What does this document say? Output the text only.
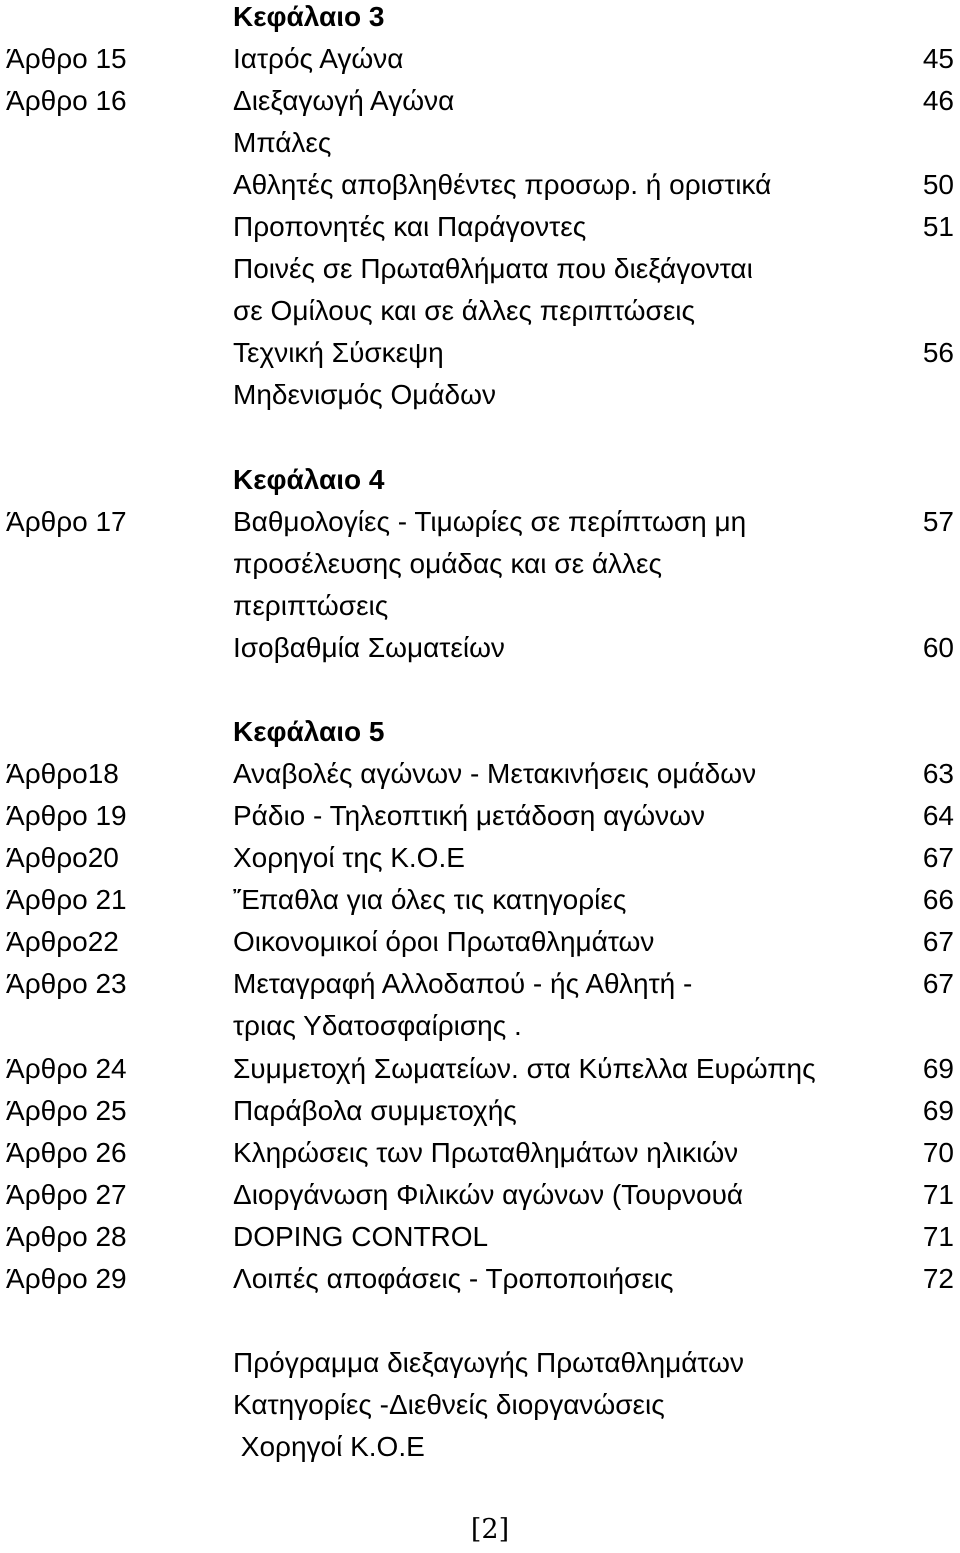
Κεφάλαιο 3
Άρθρο 15	Ιατρός Αγώνα	45
Άρθρο 16	Διεξαγωγή Αγώνα	46
Μπάλες
Αθλητές αποβληθέντες προσωρ. ή οριστικά	50
Προπονητές και Παράγοντες	51
Ποινές σε Πρωταθλήματα που διεξάγονται
σε Ομίλους και σε άλλες περιπτώσεις
Τεχνική Σύσκεψη	56
Μηδενισμός Ομάδων
Κεφάλαιο 4
Άρθρο 17	Βαθμολογίες - Τιμωρίες σε περίπτωση μη	57
προσέλευσης ομάδας και σε άλλες
περιπτώσεις
Ισοβαθμία Σωματείων	60
Κεφάλαιο 5
Άρθρο18	Αναβολές αγώνων - Μετακινήσεις ομάδων	63
Άρθρο 19	Ράδιο - Τηλεοπτική μετάδοση αγώνων	64
Άρθρο20	Χορηγοί της Κ.Ο.Ε	67
Άρθρο 21	Ἔπαθλα για όλες τις κατηγορίες	66
Άρθρο22	Οικονομικοί όροι Πρωταθλημάτων	67
Άρθρο 23	Μεταγραφή Αλλοδαπού - ής Αθλητή -	67
τριας Υδατοσφαίρισης .
Άρθρο 24	Συμμετοχή Σωματείων. στα Κύπελλα Ευρώπης	69
Άρθρο 25	Παράβολα συμμετοχής	69
Άρθρο 26	Κληρώσεις των Πρωταθλημάτων ηλικιών	70
Άρθρο 27	Διοργάνωση Φιλικών αγώνων (Τουρνουά	71
Άρθρο 28	DOPING CONTROL	71
Άρθρο 29	Λοιπές αποφάσεις - Τροποποιήσεις	72
Πρόγραμμα διεξαγωγής Πρωταθλημάτων
Κατηγορίες -Διεθνείς διοργανώσεις
Χορηγοί Κ.Ο.Ε
[2]
